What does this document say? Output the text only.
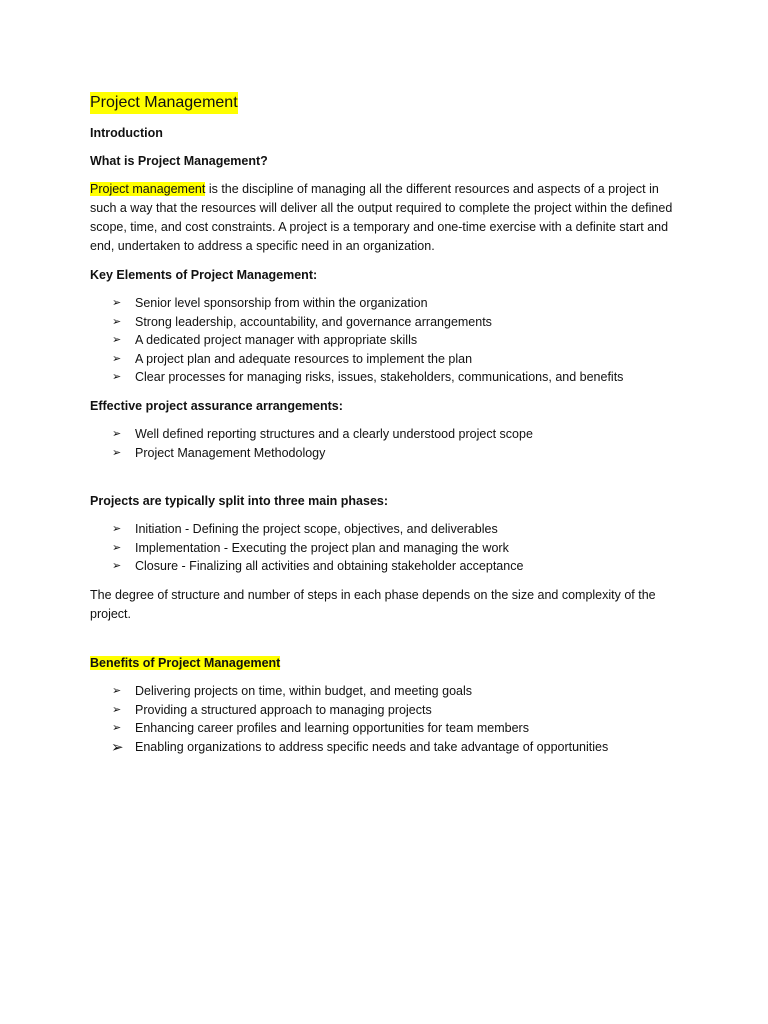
Project Management
Introduction
What is Project Management?

Project management is the discipline of managing all the different resources and aspects of a project in such a way that the resources will deliver all the output required to complete the project within the defined scope, time, and cost constraints. A project is a temporary and one-time exercise with a definite start and end, undertaken to address a specific need in an organization.

Key Elements of Project Management:
➢ Senior level sponsorship from within the organization
➢ Strong leadership, accountability, and governance arrangements
➢ A dedicated project manager with appropriate skills
➢ A project plan and adequate resources to implement the plan
➢ Clear processes for managing risks, issues, stakeholders, communications, and benefits
Effective project assurance arrangements:
➢ Well defined reporting structures and a clearly understood project scope
➢ Project Management Methodology
Projects are typically split into three main phases:
➢ Initiation - Defining the project scope, objectives, and deliverables
➢ Implementation - Executing the project plan and managing the work
➢ Closure - Finalizing all activities and obtaining stakeholder acceptance

The degree of structure and number of steps in each phase depends on the size and complexity of the project.

Benefits of Project Management
➢ Delivering projects on time, within budget, and meeting goals
➢ Providing a structured approach to managing projects
➢ Enhancing career profiles and learning opportunities for team members
➢ Enabling organizations to address specific needs and take advantage of opportunities
